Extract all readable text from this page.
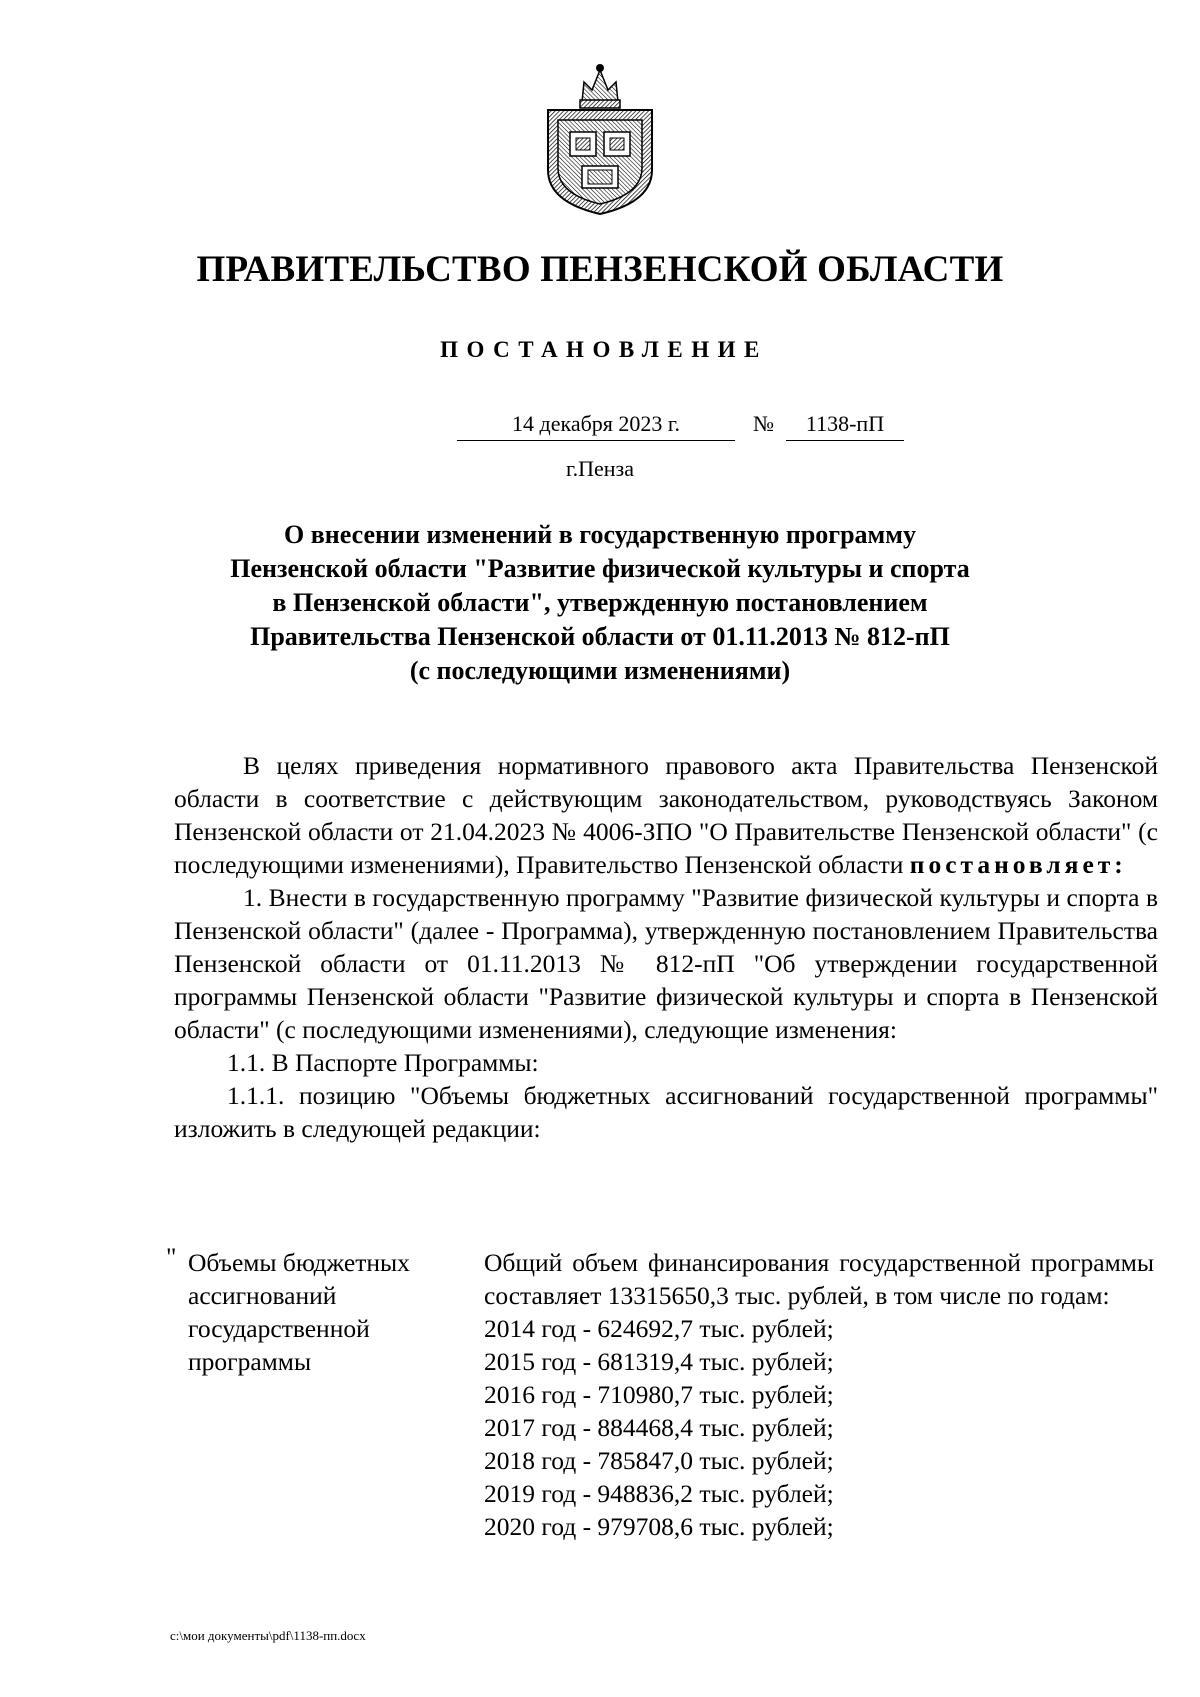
ПРАВИТЕЛЬСТВО ПЕНЗЕНСКОЙ ОБЛАСТИ
ПОСТАНОВЛЕНИЕ
14 декабря 2023 г.	№	1138-пП
г.Пенза
О внесении изменений в государственную программу
Пензенской области "Развитие физической культуры и спорта
в Пензенской области", утвержденную постановлением
Правительства Пензенской области от 01.11.2013 № 812-пП
(с последующими изменениями)

В целях приведения нормативного правового акта Правительства Пензенской области в соответствие с действующим законодательством, руководствуясь Законом Пензенской области от 21.04.2023 № 4006-ЗПО "О Правительстве Пензенской области" (с последующими изменениями), Правительство Пензенской области постановляет:

1. Внести в государственную программу "Развитие физической культуры и спорта в Пензенской области" (далее - Программа), утвержденную постановлением Правительства Пензенской области от 01.11.2013 № 812-пП "Об утверждении государственной программы Пензенской области "Развитие физической культуры и спорта в Пензенской области" (с последующими изменениями), следующие изменения:

1.1. В Паспорте Программы:

1.1.1. позицию "Объемы бюджетных ассигнований государственной программы" изложить в следующей редакции:

" Объемы бюджетных
ассигнований
государственной
программы
Общий объем финансирования государственной программы составляет 13315650,3 тыс. рублей, в том числе по годам:
2014 год - 624692,7 тыс. рублей;
2015 год - 681319,4 тыс. рублей;
2016 год - 710980,7 тыс. рублей;
2017 год - 884468,4 тыс. рублей;
2018 год - 785847,0 тыс. рублей;
2019 год - 948836,2 тыс. рублей;
2020 год - 979708,6 тыс. рублей;
c:\мои документы\pdf\1138-пп.docx
